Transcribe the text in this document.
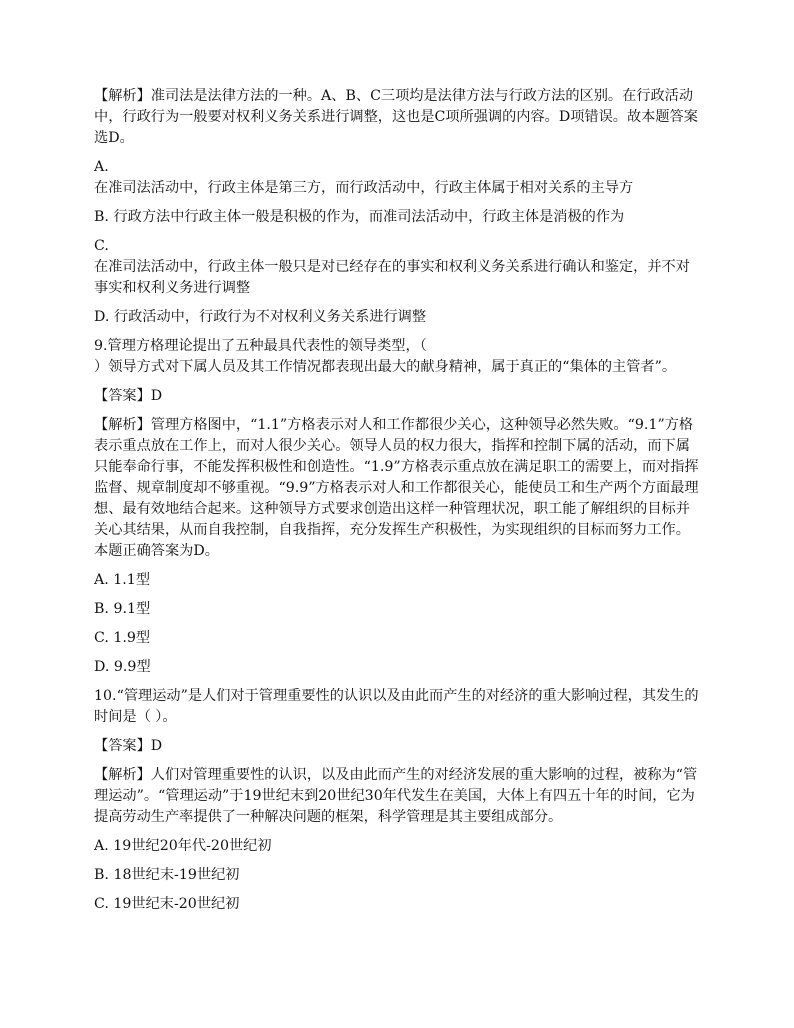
【解析】准司法是法律方法的一种。A、B、C三项均是法律方法与行政方法的区别。在行政活动中，行政行为一般要对权利义务关系进行调整，这也是C项所强调的内容。D项错误。故本题答案选D。
A.
在准司法活动中，行政主体是第三方，而行政活动中，行政主体属于相对关系的主导方
B. 行政方法中行政主体一般是积极的作为，而准司法活动中，行政主体是消极的作为
C.
在准司法活动中，行政主体一般只是对已经存在的事实和权利义务关系进行确认和鉴定，并不对事实和权利义务进行调整
D. 行政活动中，行政行为不对权利义务关系进行调整
9.管理方格理论提出了五种最具代表性的领导类型，（
）领导方式对下属人员及其工作情况都表现出最大的献身精神，属于真正的“集体的主管者”。
【答案】D
【解析】管理方格图中，“1.1”方格表示对人和工作都很少关心，这种领导必然失败。“9.1”方格表示重点放在工作上，而对人很少关心。领导人员的权力很大，指挥和控制下属的活动，而下属只能奉命行事，不能发挥积极性和创造性。“1.9”方格表示重点放在满足职工的需要上，而对指挥监督、规章制度却不够重视。“9.9”方格表示对人和工作都很关心，能使员工和生产两个方面最理想、最有效地结合起来。这种领导方式要求创造出这样一种管理状况，职工能了解组织的目标并关心其结果，从而自我控制，自我指挥，充分发挥生产积极性，为实现组织的目标而努力工作。本题正确答案为D。
A. 1.1型
B. 9.1型
C. 1.9型
D. 9.9型
10.“管理运动”是人们对于管理重要性的认识以及由此而产生的对经济的重大影响过程，其发生的时间是（ ）。
【答案】D
【解析】人们对管理重要性的认识，以及由此而产生的对经济发展的重大影响的过程，被称为“管理运动”。“管理运动”于19世纪末到20世纪30年代发生在美国，大体上有四五十年的时间，它为提高劳动生产率提供了一种解决问题的框架，科学管理是其主要组成部分。
A. 19世纪20年代-20世纪初
B. 18世纪末-19世纪初
C. 19世纪末-20世纪初
